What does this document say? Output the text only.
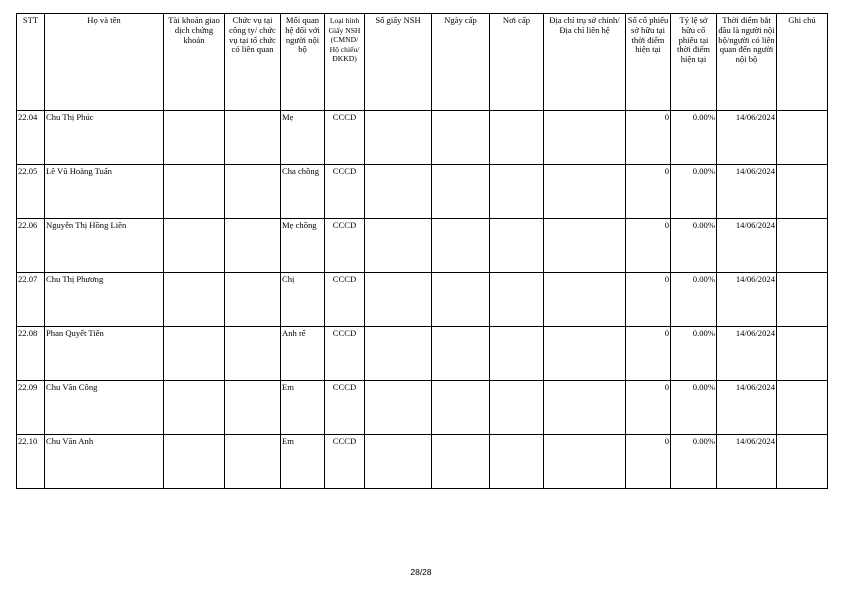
STT	Họ và tên	Tài khoản giao dịch chứng khoán	Chức vụ tại công ty/ chức vụ tại tổ chức có liên quan	Mối quan hệ đối với người nội bộ	Loại hình Giấy NSH (CMND/ Hộ chiếu/ ĐKKD)	Số giấy NSH	Ngày cấp	Nơi cấp	Địa chỉ trụ sở chính/Địa chỉ liên hệ	Số cổ phiếu sở hữu tại thời điểm hiện tại	Tỷ lệ sở hữu cổ phiếu tại thời điểm hiện tại	Thời điểm bắt đầu là người nội bộ/người có liên quan đến người nội bộ	Ghi chú
22.04	Chu Thị Phúc			Mẹ	CCCD					0	0.00%	14/06/2024	
22.05	Lê Vũ Hoàng Tuấn			Cha chồng	CCCD					0	0.00%	14/06/2024	
22.06	Nguyễn Thị Hồng Liên			Mẹ chồng	CCCD					0	0.00%	14/06/2024	
22.07	Chu Thị Phương			Chị	CCCD					0	0.00%	14/06/2024	
22.08	Phan Quyết Tiến			Anh rể	CCCD					0	0.00%	14/06/2024	
22.09	Chu Văn Công			Em	CCCD					0	0.00%	14/06/2024	
22.10	Chu Văn Anh			Em	CCCD					0	0.00%	14/06/2024	
28/28
